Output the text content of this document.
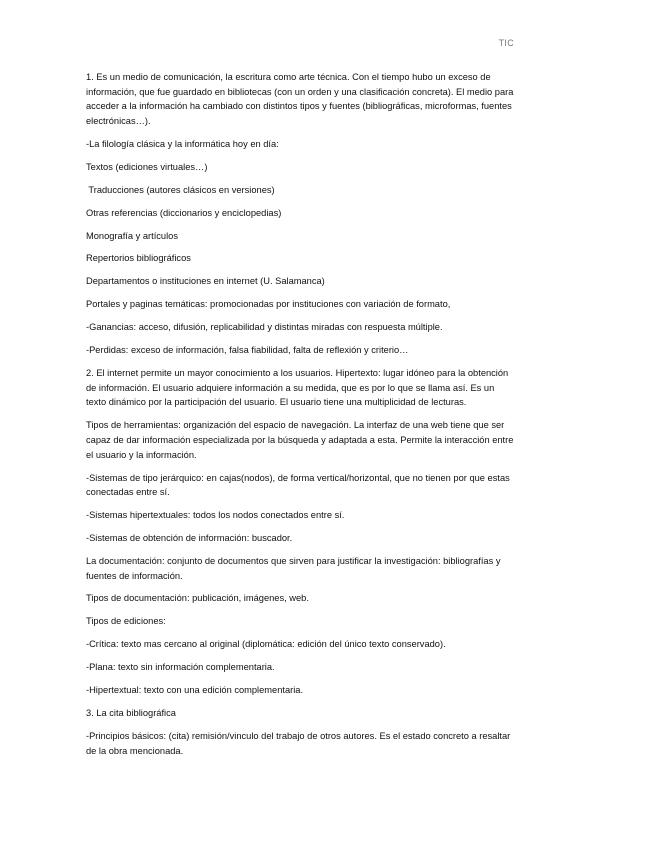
TIC

1. Es un medio de comunicación, la escritura como arte técnica. Con el tiempo hubo un exceso de información, que fue guardado en bibliotecas (con un orden y una clasificación concreta). El medio para acceder a la información ha cambiado con distintos tipos y fuentes (bibliográficas, microformas, fuentes electrónicas…).

-La filología clásica y la informática hoy en día:

Textos (ediciones virtuales…)

Traducciones (autores clásicos en versiones)

Otras referencias (diccionarios y enciclopedias)

Monografía y artículos

Repertorios bibliográficos

Departamentos o instituciones en internet (U. Salamanca)

Portales y paginas temáticas: promocionadas por instituciones con variación de formato,

-Ganancias: acceso, difusión, replicabilidad y distintas miradas con respuesta múltiple.

-Perdidas: exceso de información, falsa fiabilidad, falta de reflexión y criterio…

2. El internet permite un mayor conocimiento a los usuarios. Hipertexto: lugar idóneo para la obtención de información. El usuario adquiere información a su medida, que es por lo que se llama así. Es un texto dinámico por la participación del usuario. El usuario tiene una multiplicidad de lecturas.

Tipos de herramientas: organización del espacio de navegación. La interfaz de una web tiene que ser capaz de dar información especializada por la búsqueda y adaptada a esta. Permite la interacción entre el usuario y la información.

-Sistemas de tipo jerárquico: en cajas(nodos), de forma vertical/horizontal, que no tienen por que estas conectadas entre sí.

-Sistemas hipertextuales: todos los nodos conectados entre sí.

-Sistemas de obtención de información: buscador.

La documentación: conjunto de documentos que sirven para justificar la investigación: bibliografías y fuentes de información.

Tipos de documentación: publicación, imágenes, web.

Tipos de ediciones:

-Crítica: texto mas cercano al original (diplomática: edición del único texto conservado).

-Plana: texto sin información complementaria.

-Hipertextual: texto con una edición complementaria.

3. La cita bibliográfica

-Principios básicos: (cita) remisión/vinculo del trabajo de otros autores. Es el estado concreto a resaltar de la obra mencionada.
